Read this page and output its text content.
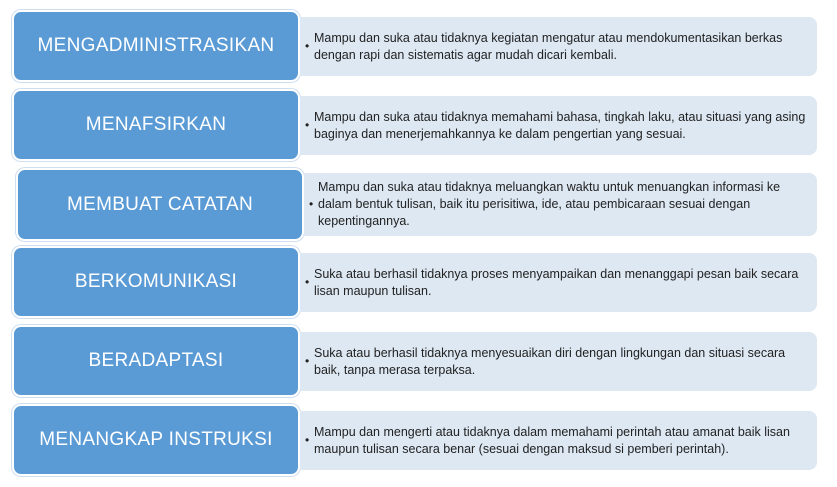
MENGADMINISTRASIKAN	•
Mampu dan suka atau tidaknya kegiatan mengatur atau mendokumentasikan berkas dengan rapi dan sistematis agar mudah dicari kembali.
MENAFSIRKAN	•
Mampu dan suka atau tidaknya memahami bahasa, tingkah laku, atau situasi yang asing baginya dan menerjemahkannya ke dalam pengertian yang sesuai.
MEMBUAT CATATAN	•
Mampu dan suka atau tidaknya meluangkan waktu untuk menuangkan informasi ke dalam bentuk tulisan, baik itu perisitiwa, ide, atau pembicaraan sesuai dengan kepentingannya.
BERKOMUNIKASI	•
Suka atau berhasil tidaknya proses menyampaikan dan menanggapi pesan baik secara lisan maupun tulisan.
BERADAPTASI	•
Suka atau berhasil tidaknya menyesuaikan diri dengan lingkungan dan situasi secara baik, tanpa merasa terpaksa.
MENANGKAP INSTRUKSI	•
Mampu dan mengerti atau tidaknya dalam memahami perintah atau amanat baik lisan maupun tulisan secara benar (sesuai dengan maksud si pemberi perintah).
